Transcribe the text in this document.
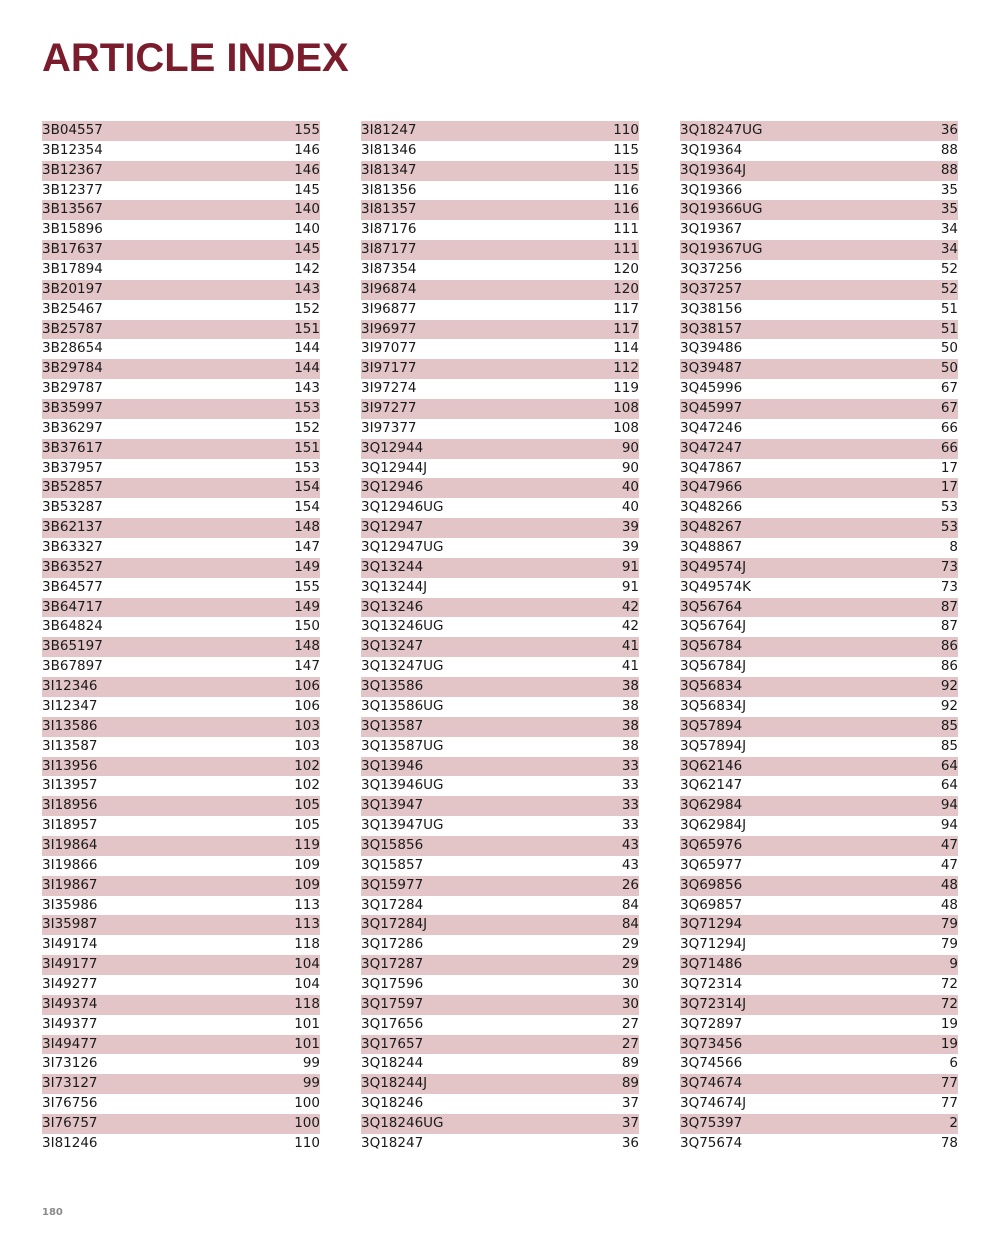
ARTICLE INDEX
3B04557	155
3B12354	146
3B12367	146
3B12377	145
3B13567	140
3B15896	140
3B17637	145
3B17894	142
3B20197	143
3B25467	152
3B25787	151
3B28654	144
3B29784	144
3B29787	143
3B35997	153
3B36297	152
3B37617	151
3B37957	153
3B52857	154
3B53287	154
3B62137	148
3B63327	147
3B63527	149
3B64577	155
3B64717	149
3B64824	150
3B65197	148
3B67897	147
3I12346	106
3I12347	106
3I13586	103
3I13587	103
3I13956	102
3I13957	102
3I18956	105
3I18957	105
3I19864	119
3I19866	109
3I19867	109
3I35986	113
3I35987	113
3I49174	118
3I49177	104
3I49277	104
3I49374	118
3I49377	101
3I49477	101
3I73126	99
3I73127	99
3I76756	100
3I76757	100
3I81246	110
3I81247	110
3I81346	115
3I81347	115
3I81356	116
3I81357	116
3I87176	111
3I87177	111
3I87354	120
3I96874	120
3I96877	117
3I96977	117
3I97077	114
3I97177	112
3I97274	119
3I97277	108
3I97377	108
3Q12944	90
3Q12944J	90
3Q12946	40
3Q12946UG	40
3Q12947	39
3Q12947UG	39
3Q13244	91
3Q13244J	91
3Q13246	42
3Q13246UG	42
3Q13247	41
3Q13247UG	41
3Q13586	38
3Q13586UG	38
3Q13587	38
3Q13587UG	38
3Q13946	33
3Q13946UG	33
3Q13947	33
3Q13947UG	33
3Q15856	43
3Q15857	43
3Q15977	26
3Q17284	84
3Q17284J	84
3Q17286	29
3Q17287	29
3Q17596	30
3Q17597	30
3Q17656	27
3Q17657	27
3Q18244	89
3Q18244J	89
3Q18246	37
3Q18246UG	37
3Q18247	36
3Q18247UG	36
3Q19364	88
3Q19364J	88
3Q19366	35
3Q19366UG	35
3Q19367	34
3Q19367UG	34
3Q37256	52
3Q37257	52
3Q38156	51
3Q38157	51
3Q39486	50
3Q39487	50
3Q45996	67
3Q45997	67
3Q47246	66
3Q47247	66
3Q47867	17
3Q47966	17
3Q48266	53
3Q48267	53
3Q48867	8
3Q49574J	73
3Q49574K	73
3Q56764	87
3Q56764J	87
3Q56784	86
3Q56784J	86
3Q56834	92
3Q56834J	92
3Q57894	85
3Q57894J	85
3Q62146	64
3Q62147	64
3Q62984	94
3Q62984J	94
3Q65976	47
3Q65977	47
3Q69856	48
3Q69857	48
3Q71294	79
3Q71294J	79
3Q71486	9
3Q72314	72
3Q72314J	72
3Q72897	19
3Q73456	19
3Q74566	6
3Q74674	77
3Q74674J	77
3Q75397	2
3Q75674	78
180
